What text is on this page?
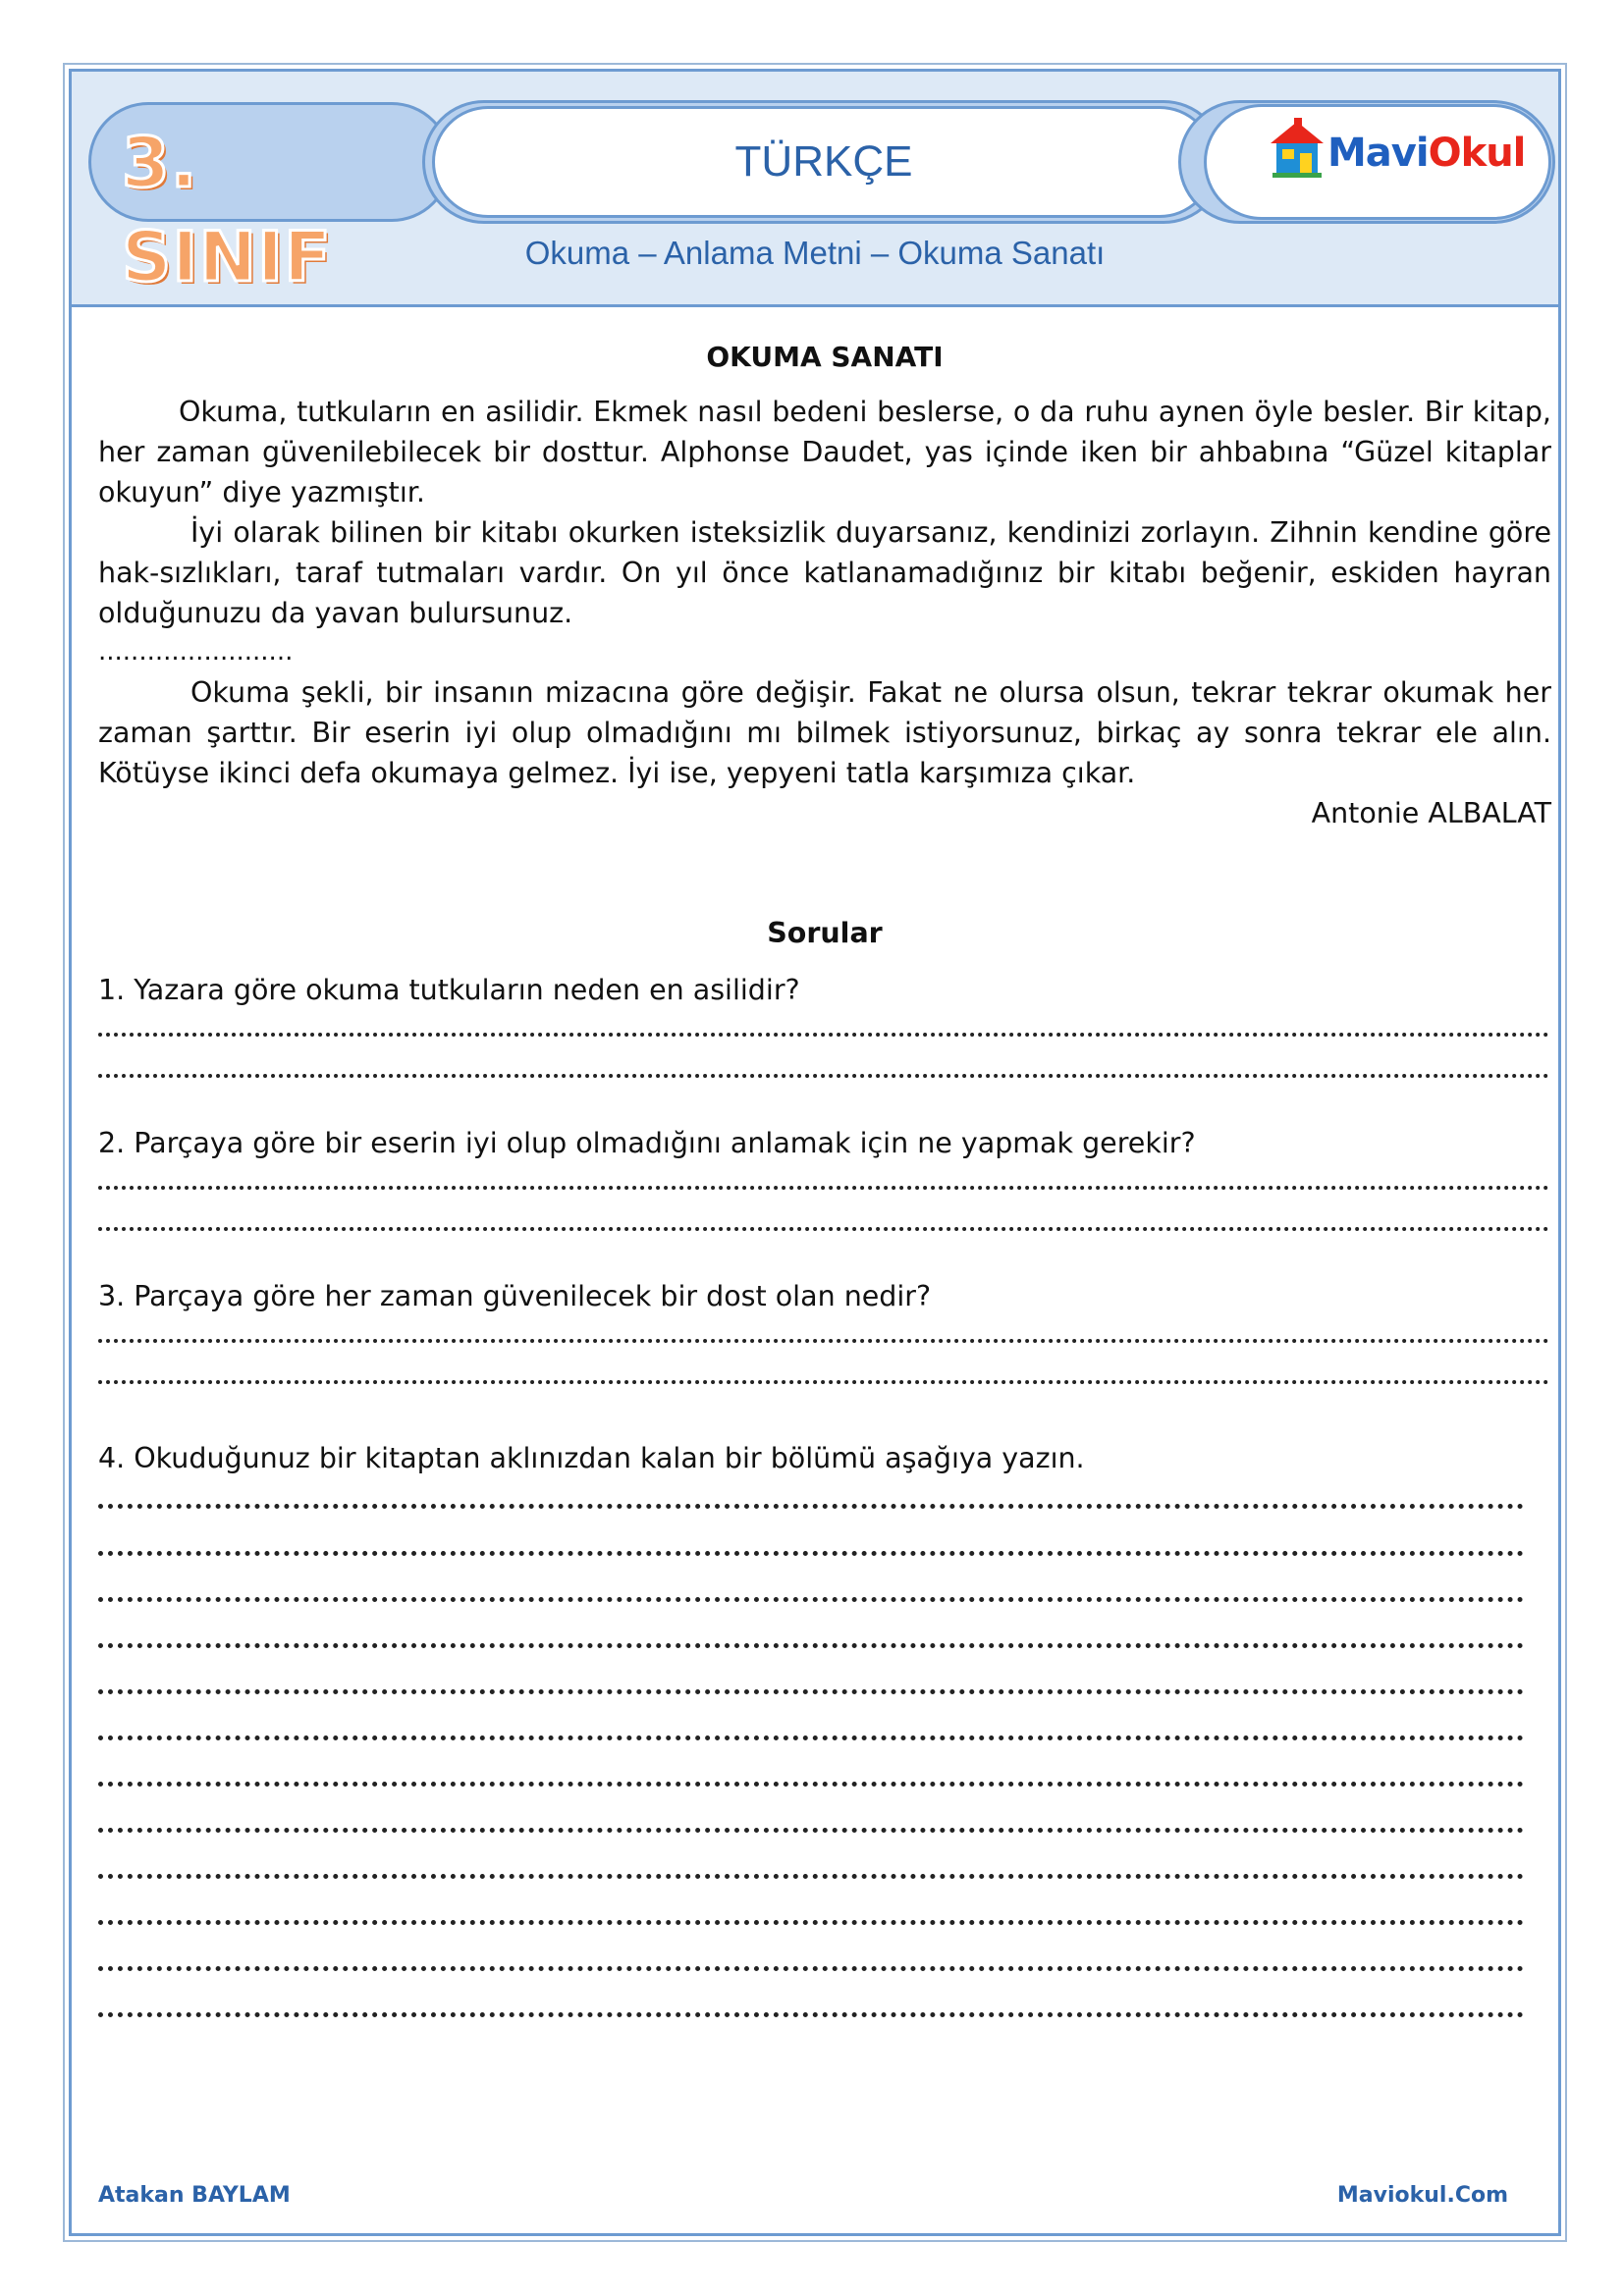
3. SINIF
TÜRKÇE	MaviOkul
Okuma – Anlama Metni – Okuma Sanatı
OKUMA SANATI

Okuma, tutkuların en asilidir. Ekmek nasıl bedeni beslerse, o da ruhu aynen öyle besler. Bir kitap, her zaman güvenilebilecek bir dosttur. Alphonse Daudet, yas içinde iken bir ahbabına “Güzel kitaplar okuyun” diye yazmıştır.

İyi olarak bilinen bir kitabı okurken isteksizlik duyarsanız, kendinizi zorlayın. Zihnin kendine göre hak-sızlıkları, taraf tutmaları vardır. On yıl önce katlanamadığınız bir kitabı beğenir, eskiden hayran olduğunuzu da yavan bulursunuz.

........................

Okuma şekli, bir insanın mizacına göre değişir. Fakat ne olursa olsun, tekrar tekrar okumak her zaman şarttır. Bir eserin iyi olup olmadığını mı bilmek istiyorsunuz, birkaç ay sonra tekrar ele alın. Kötüyse ikinci defa okumaya gelmez. İyi ise, yepyeni tatla karşımıza çıkar.

Antonie ALBALAT
Sorular
1. Yazara göre okuma tutkuların neden en asilidir?
2. Parçaya göre bir eserin iyi olup olmadığını anlamak için ne yapmak gerekir?
3. Parçaya göre her zaman güvenilecek bir dost olan nedir?
4. Okuduğunuz bir kitaptan aklınızdan kalan bir bölümü aşağıya yazın.
Atakan BAYLAM	Maviokul.Com
